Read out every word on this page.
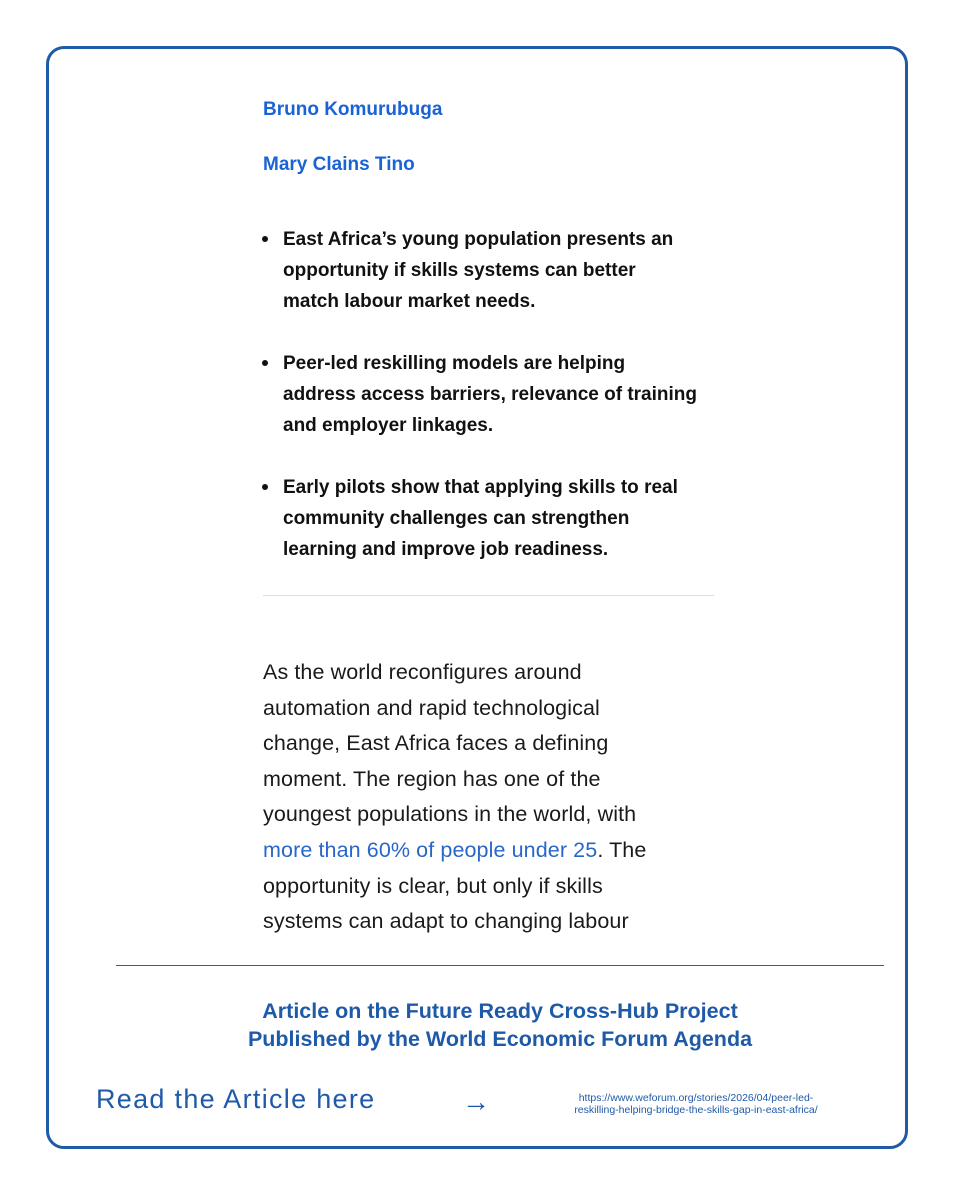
Bruno Komurubuga
Mary Clains Tino
East Africa’s young population presents an
opportunity if skills systems can better
match labour market needs.
Peer-led reskilling models are helping
address access barriers, relevance of training
and employer linkages.
Early pilots show that applying skills to real
community challenges can strengthen
learning and improve job readiness.
As the world reconfigures around
automation and rapid technological
change, East Africa faces a defining
moment. The region has one of the
youngest populations in the world, with
more than 60% of people under 25. The
opportunity is clear, but only if skills
systems can adapt to changing labour
Article on the Future Ready Cross-Hub Project
Published by the World Economic Forum Agenda
Read the Article here	→	https://www.weforum.org/stories/2026/04/peer-led-
reskilling-helping-bridge-the-skills-gap-in-east-africa/
